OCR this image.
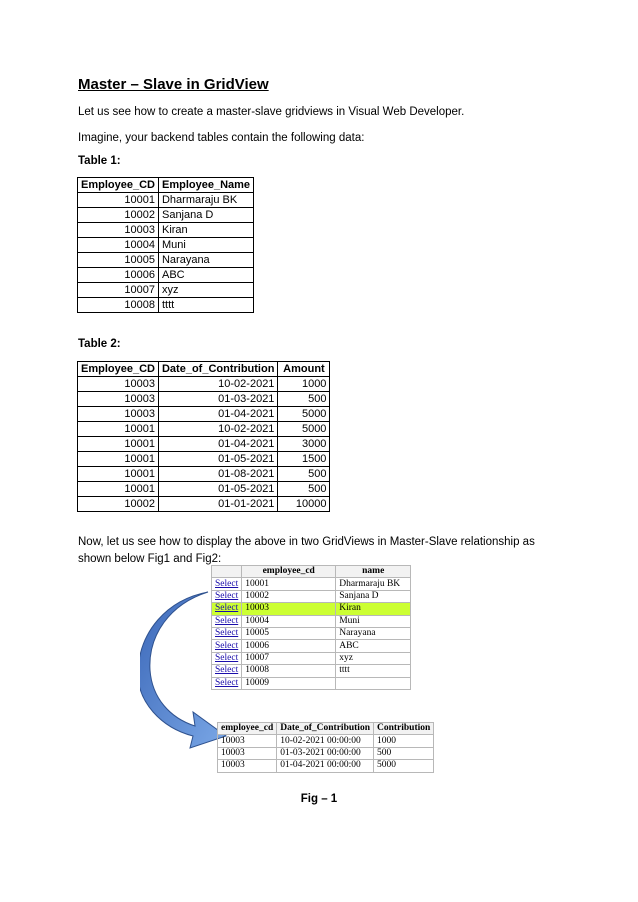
Master – Slave in GridView
Let us see how to create a master-slave gridviews in Visual Web Developer.
Imagine, your backend tables contain the following data:
Table 1:
Employee_CD	Employee_Name
10001	Dharmaraju BK
10002	Sanjana D
10003	Kiran
10004	Muni
10005	Narayana
10006	ABC
10007	xyz
10008	tttt
Table 2:
Employee_CD	Date_of_Contribution	Amount
10003	10-02-2021	1000
10003	01-03-2021	500
10003	01-04-2021	5000
10001	10-02-2021	5000
10001	01-04-2021	3000
10001	01-05-2021	1500
10001	01-08-2021	500
10001	01-05-2021	500
10002	01-01-2021	10000
Now, let us see how to display the above in two GridViews in Master-Slave relationship as shown below Fig1 and Fig2:
	employee_cd	name
Select	10001	Dharmaraju BK
Select	10002	Sanjana D
Select	10003	Kiran
Select	10004	Muni
Select	10005	Narayana
Select	10006	ABC
Select	10007	xyz
Select	10008	tttt
Select	10009	
employee_cd	Date_of_Contribution	Contribution
10003	10-02-2021 00:00:00	1000
10003	01-03-2021 00:00:00	500
10003	01-04-2021 00:00:00	5000
Fig – 1
